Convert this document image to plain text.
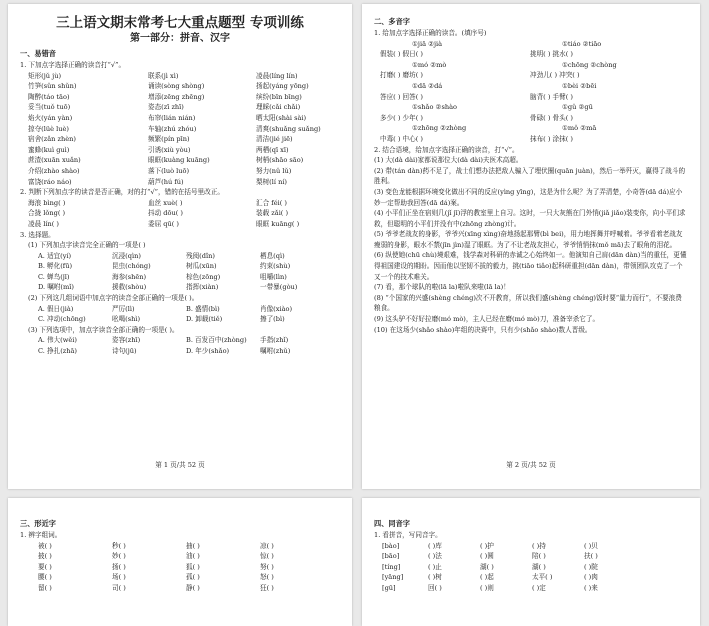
三上语文期末常考七大重点题型 专项训练
第一部分：拼音、汉字
一、易错音
1. 下加点字选择正确的读音打“√”。
矩形(jǔ jù)	联系(jì xì)	凌晨(líng lín)
竹笋(sǔn shǔn)	诵读(sòng shòng)	扬起(yáng yōng)
陶醉(táo tāo)	增添(zēng zhēng)	缤纷(bīn bīng)
妥当(tuǒ tuō)	姿态(zī zhī)	理睬(cǎi chǎi)
焰火(yán yàn)	布帘(lián nián)	晒太阳(shài sài)
掠夺(lüè luè)	车轴(zhú zhóu)	清爽(shuǎng suǎng)
宿舍(zǎn zhèn)	频繁(pín pīn)	清洁(jié jiē)
蜜蜂(kuì guì)	引诱(xiù yòu)	两栖(qī xī)
蔗渣(xuān xuǎn)	眼眶(kuàng kuāng)	树梢(shāo sāo)
介绍(zhào shào)	落下(luò luō)	努力(nǔ lǔ)
富饶(ráo náo)	葫芦(hú fú)	梨树(lí ní)
2. 判断下列加点字的读音是否正确，对的打“√”，错的在括号里改正。
海浪 bìng( )	血丝 xuè( )	汇合 féi( )
合拢 lǒng( )	抖动 dōu( )	装载 zǎi( )
凌晨 lín( )	委屈 qū( )	眼眶 kuāng( )
3. 选择题。
(1) 下列加点字读音完全正确的一项是( )
A. 适宜(yí)	沉浸(qìn)	残阅(dǐn)	栖息(qì)
B. 孵化(fū)	昆虫(chóng)	树瓜(xūn)	约束(shù)
C. 蝉鸟(jī)	海参(shēn)	棕色(zōng)	咀嚼(lìn)
D. 嘱咐(mǐ)	援救(shòu)	指挥(xiàn)	一带暴(gòu)
(2) 下列这几组词语中加点字的读音全部正确的一项是( )。
A. 假日(jià)	严厉(lì)	B. 盛情(bì)	肖像(xiào)
C. 冲动(chōng)	吆喝(shì)	D. 卸载(tiě)	擦了(bì)
(3) 下列选项中，加点字读音全部正确的一项是( )。
A. 伟大(wěi)	姿容(zhī)	B. 百发百中(zhòng)	手指(zhǐ)
C. 挣扎(zhā)	诗句(jū)	D. 年少(shǎo)	嘱咐(zhǔ)
第 1 页/共 52 页
二、多音字
1. 给加点字选择正确的读音。(填序号)
①jiā ②jià	①tiáo ②tiāo
假装( ) 假日( )	挑明( ) 挑水( )
①mó ②mò	①chōng ②chòng
打磨( ) 磨坊( )	冲劲儿( ) 冲突( )
①dā ②dá	①bèi ②bēi
答应( ) 回答( )	脑背( ) 手臂( )
①shǎo ②shào	①gǔ ②gū
多少( ) 少年( )	骨碌( ) 骨头( )
①zhōng ②zhòng	①mǒ ②mā
中毒( ) 中心( )	抹布( ) 涂抹( )
2. 结合语境，给加点字选择正确的读音，打“√”。
(1) 大(dà dài)家都说那位大(dà dài)夫医术高超。
(2) 带(tán dàn)药不足了，战士们想办法把敌人骗入了埋伏圈(quān juàn)，然后一举歼灭，赢得了战斗的胜利。
(3) 变色龙能根据环境变化做出不同的反应(yìng yīng)，这是为什么呢？为了弄清楚，小奇答(dā dá)应小妙一定帮助我回答(dā dá)案。
(4) 小平们正坐在宿则几(jǐ jī)浮的教室里上自习。这时，一只大灰熊在门外悄(jiǎ jiǎo)装变你，向小平们求救，但聪明的小平们并没有中(zhōng zhòng)计。
(5) 爷爷老战友的身影，爷爷兴(xīng xìng)奋地扬起那臂(bì bei)，用力地挥舞并呼喊着。爷爷看着老战友瘦弱的身影，眼水不禁(jīn jìn)湿了眼眶。为了不让老战友担心，爷爷悄悄抹(mǒ mā)去了眼角的泪花。
(6) 纵使她(chū chù)境艰难，钱学森对科研的赤诚之心始终如一。他演知自己肩(dān dàn)当的重任，更懂得祖国建设的期盼。因而他以坚韧不拔的毅力，挑(tiāo tiǎo)起科研重担(dān dàn)，带领团队攻克了一个又一个的技术难关。
(7) 看，那个球队的啦(lā la)啦队来啦(lā la)！
(8) “个国家的兴盛(shèng chéng)次不开教育，所以我们盛(shèng chéng)饭时要“量力而行”，不要浪费粮食。
(9) 这头驴不好好拉磨(mó mò)，主人已经在磨(mó mò)刀，准备宰杀它了。
(10) 在这场少(shǎo shào)年组的决赛中，只有少(shǎo shào)数人晋级。
第 2 页/共 52 页
三、形近字
1. 辨字组词。
被( )	秒( )	抽( )	凉( )
披( )	妙( )	油( )	惊( )
要( )	扬( )	狐( )	努( )
腰( )	场( )	孤( )	怒( )
留( )	司( )	静( )	狂( )
四、同音字
1. 看拼音，写同音字。
[bào]	( )库	( )护	( )持	( )贝
[bāo]	( )法	( )圆	陪( )	扶( )
[tíng]	( )止	湖( )	湖( )	( )院
[yāng]	( )树	( )起	太平( )	( )肉
[gū]	回( )	( )则	( )定	( )来
